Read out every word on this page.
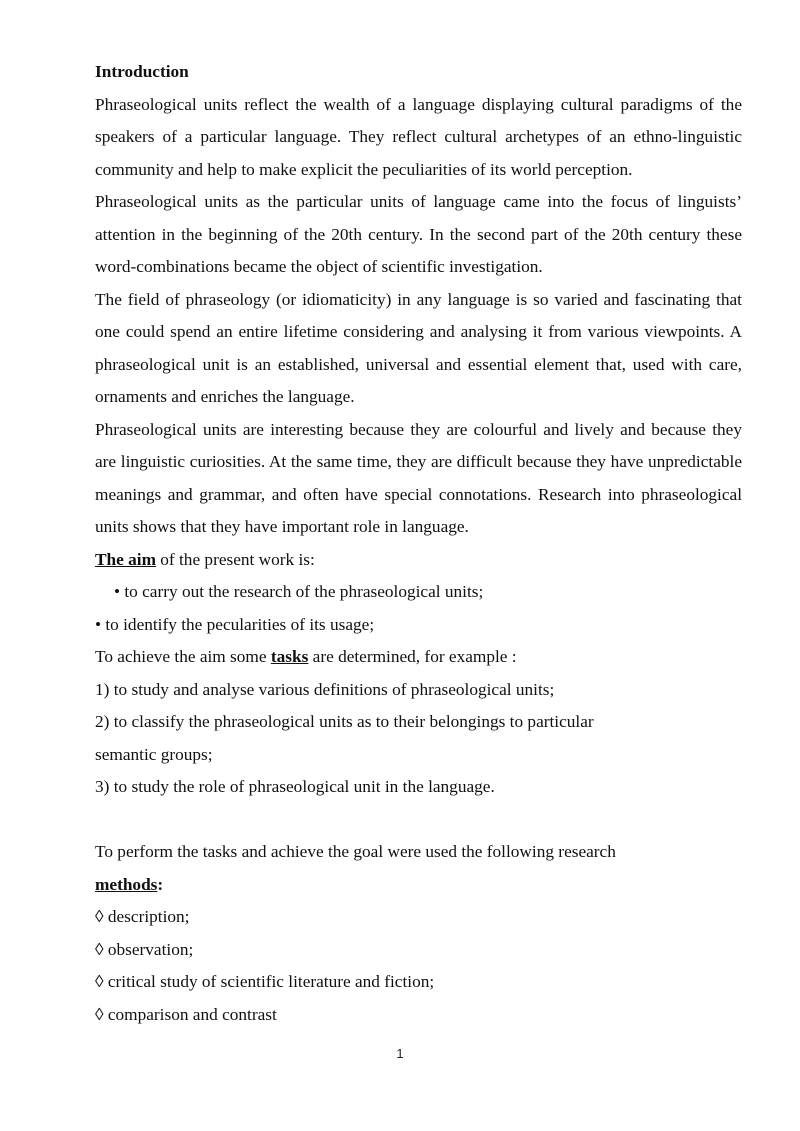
Introduction

Phraseological units reflect the wealth of a language displaying cultural paradigms of the speakers of a particular language. They reflect cultural archetypes of an ethno-linguistic community and help to make explicit the peculiarities of its world perception.

Phraseological units as the particular units of language came into the focus of linguists’ attention in the beginning of the 20th century. In the second part of the 20th century these word-combinations became the object of scientific investigation.

The field of phraseology (or idiomaticity) in any language is so varied and fascinating that one could spend an entire lifetime considering and analysing it from various viewpoints. A phraseological unit is an established, universal and essential element that, used with care, ornaments and enriches the language.

Phraseological units are interesting because they are colourful and lively and because they are linguistic curiosities. At the same time, they are difficult because they have unpredictable meanings and grammar, and often have special connotations. Research into phraseological units shows that they have important role in language.

The aim of the present work is:

• to carry out the research of the phraseological units;

• to identify the pecularities of its usage;

To achieve the aim some tasks are determined, for example :

1) to study and analyse various definitions of phraseological units;

2) to classify the phraseological units as to their belongings to particular

semantic groups;

3) to study the role of phraseological unit in the language.

To perform the tasks and achieve the goal were used the following research

methods:

◊ description;

◊ observation;

◊ critical study of scientific literature and fiction;

◊ comparison and contrast

1
